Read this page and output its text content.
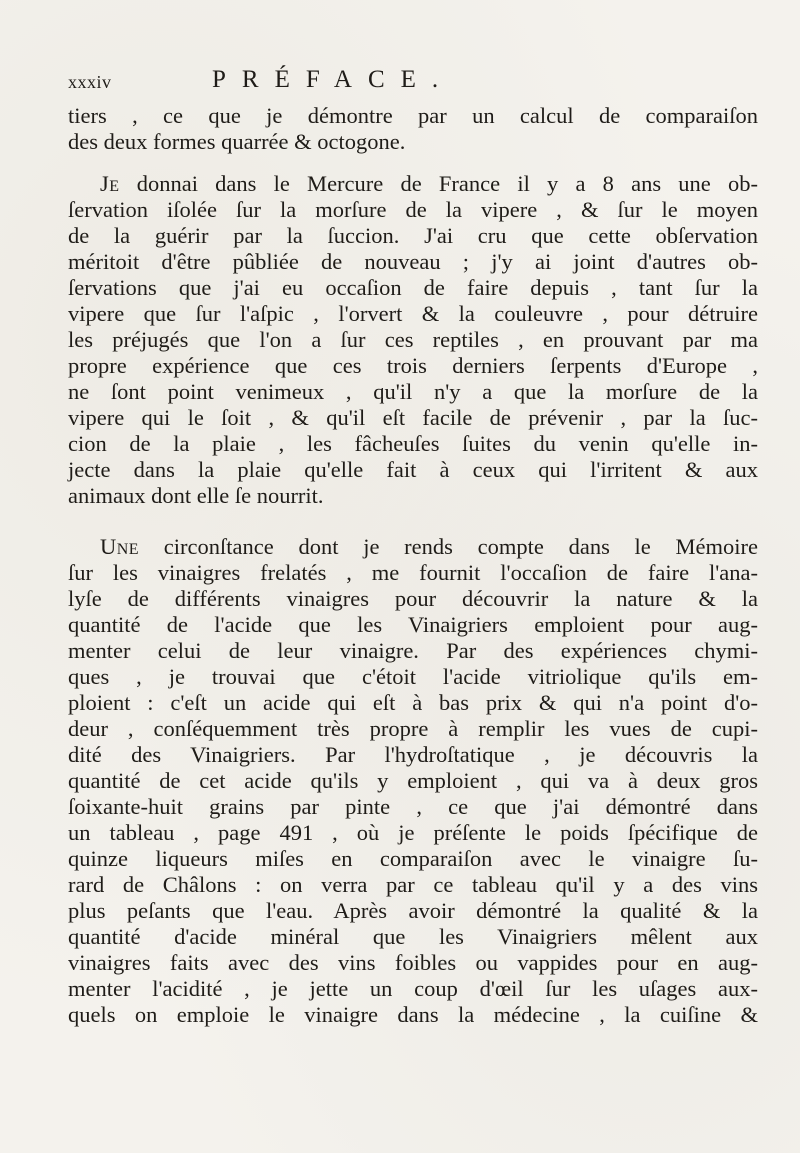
xxxiv	PRÉFACE.
tiers , ce que je démontre par un calcul de comparaiſon
des deux formes quarrée & octogone.
Je donnai dans le Mercure de France il y a 8 ans une ob-
ſervation iſolée ſur la morſure de la vipere , & ſur le moyen
de la guérir par la ſuccion. J'ai cru que cette obſervation
méritoit d'être pûbliée de nouveau ; j'y ai joint d'autres ob-
ſervations que j'ai eu occaſion de faire depuis , tant ſur la
vipere que ſur l'aſpic , l'orvert & la couleuvre , pour détruire
les préjugés que l'on a ſur ces reptiles , en prouvant par ma
propre expérience que ces trois derniers ſerpents d'Europe ,
ne ſont point venimeux , qu'il n'y a que la morſure de la
vipere qui le ſoit , & qu'il eſt facile de prévenir , par la ſuc-
cion de la plaie , les fâcheuſes ſuites du venin qu'elle in-
jecte dans la plaie qu'elle fait à ceux qui l'irritent & aux
animaux dont elle ſe nourrit.
Une circonſtance dont je rends compte dans le Mémoire
ſur les vinaigres frelatés , me fournit l'occaſion de faire l'ana-
lyſe de différents vinaigres pour découvrir la nature & la
quantité de l'acide que les Vinaigriers emploient pour aug-
menter celui de leur vinaigre. Par des expériences chymi-
ques , je trouvai que c'étoit l'acide vitriolique qu'ils em-
ploient : c'eſt un acide qui eſt à bas prix & qui n'a point d'o-
deur , conſéquemment très propre à remplir les vues de cupi-
dité des Vinaigriers. Par l'hydroſtatique , je découvris la
quantité de cet acide qu'ils y emploient , qui va à deux gros
ſoixante-huit grains par pinte , ce que j'ai démontré dans
un tableau , page 491 , où je préſente le poids ſpécifique de
quinze liqueurs miſes en comparaiſon avec le vinaigre ſu-
rard de Châlons : on verra par ce tableau qu'il y a des vins
plus peſants que l'eau. Après avoir démontré la qualité & la
quantité d'acide minéral que les Vinaigriers mêlent aux
vinaigres faits avec des vins foibles ou vappides pour en aug-
menter l'acidité , je jette un coup d'œil ſur les uſages aux-
quels on emploie le vinaigre dans la médecine , la cuiſine &
